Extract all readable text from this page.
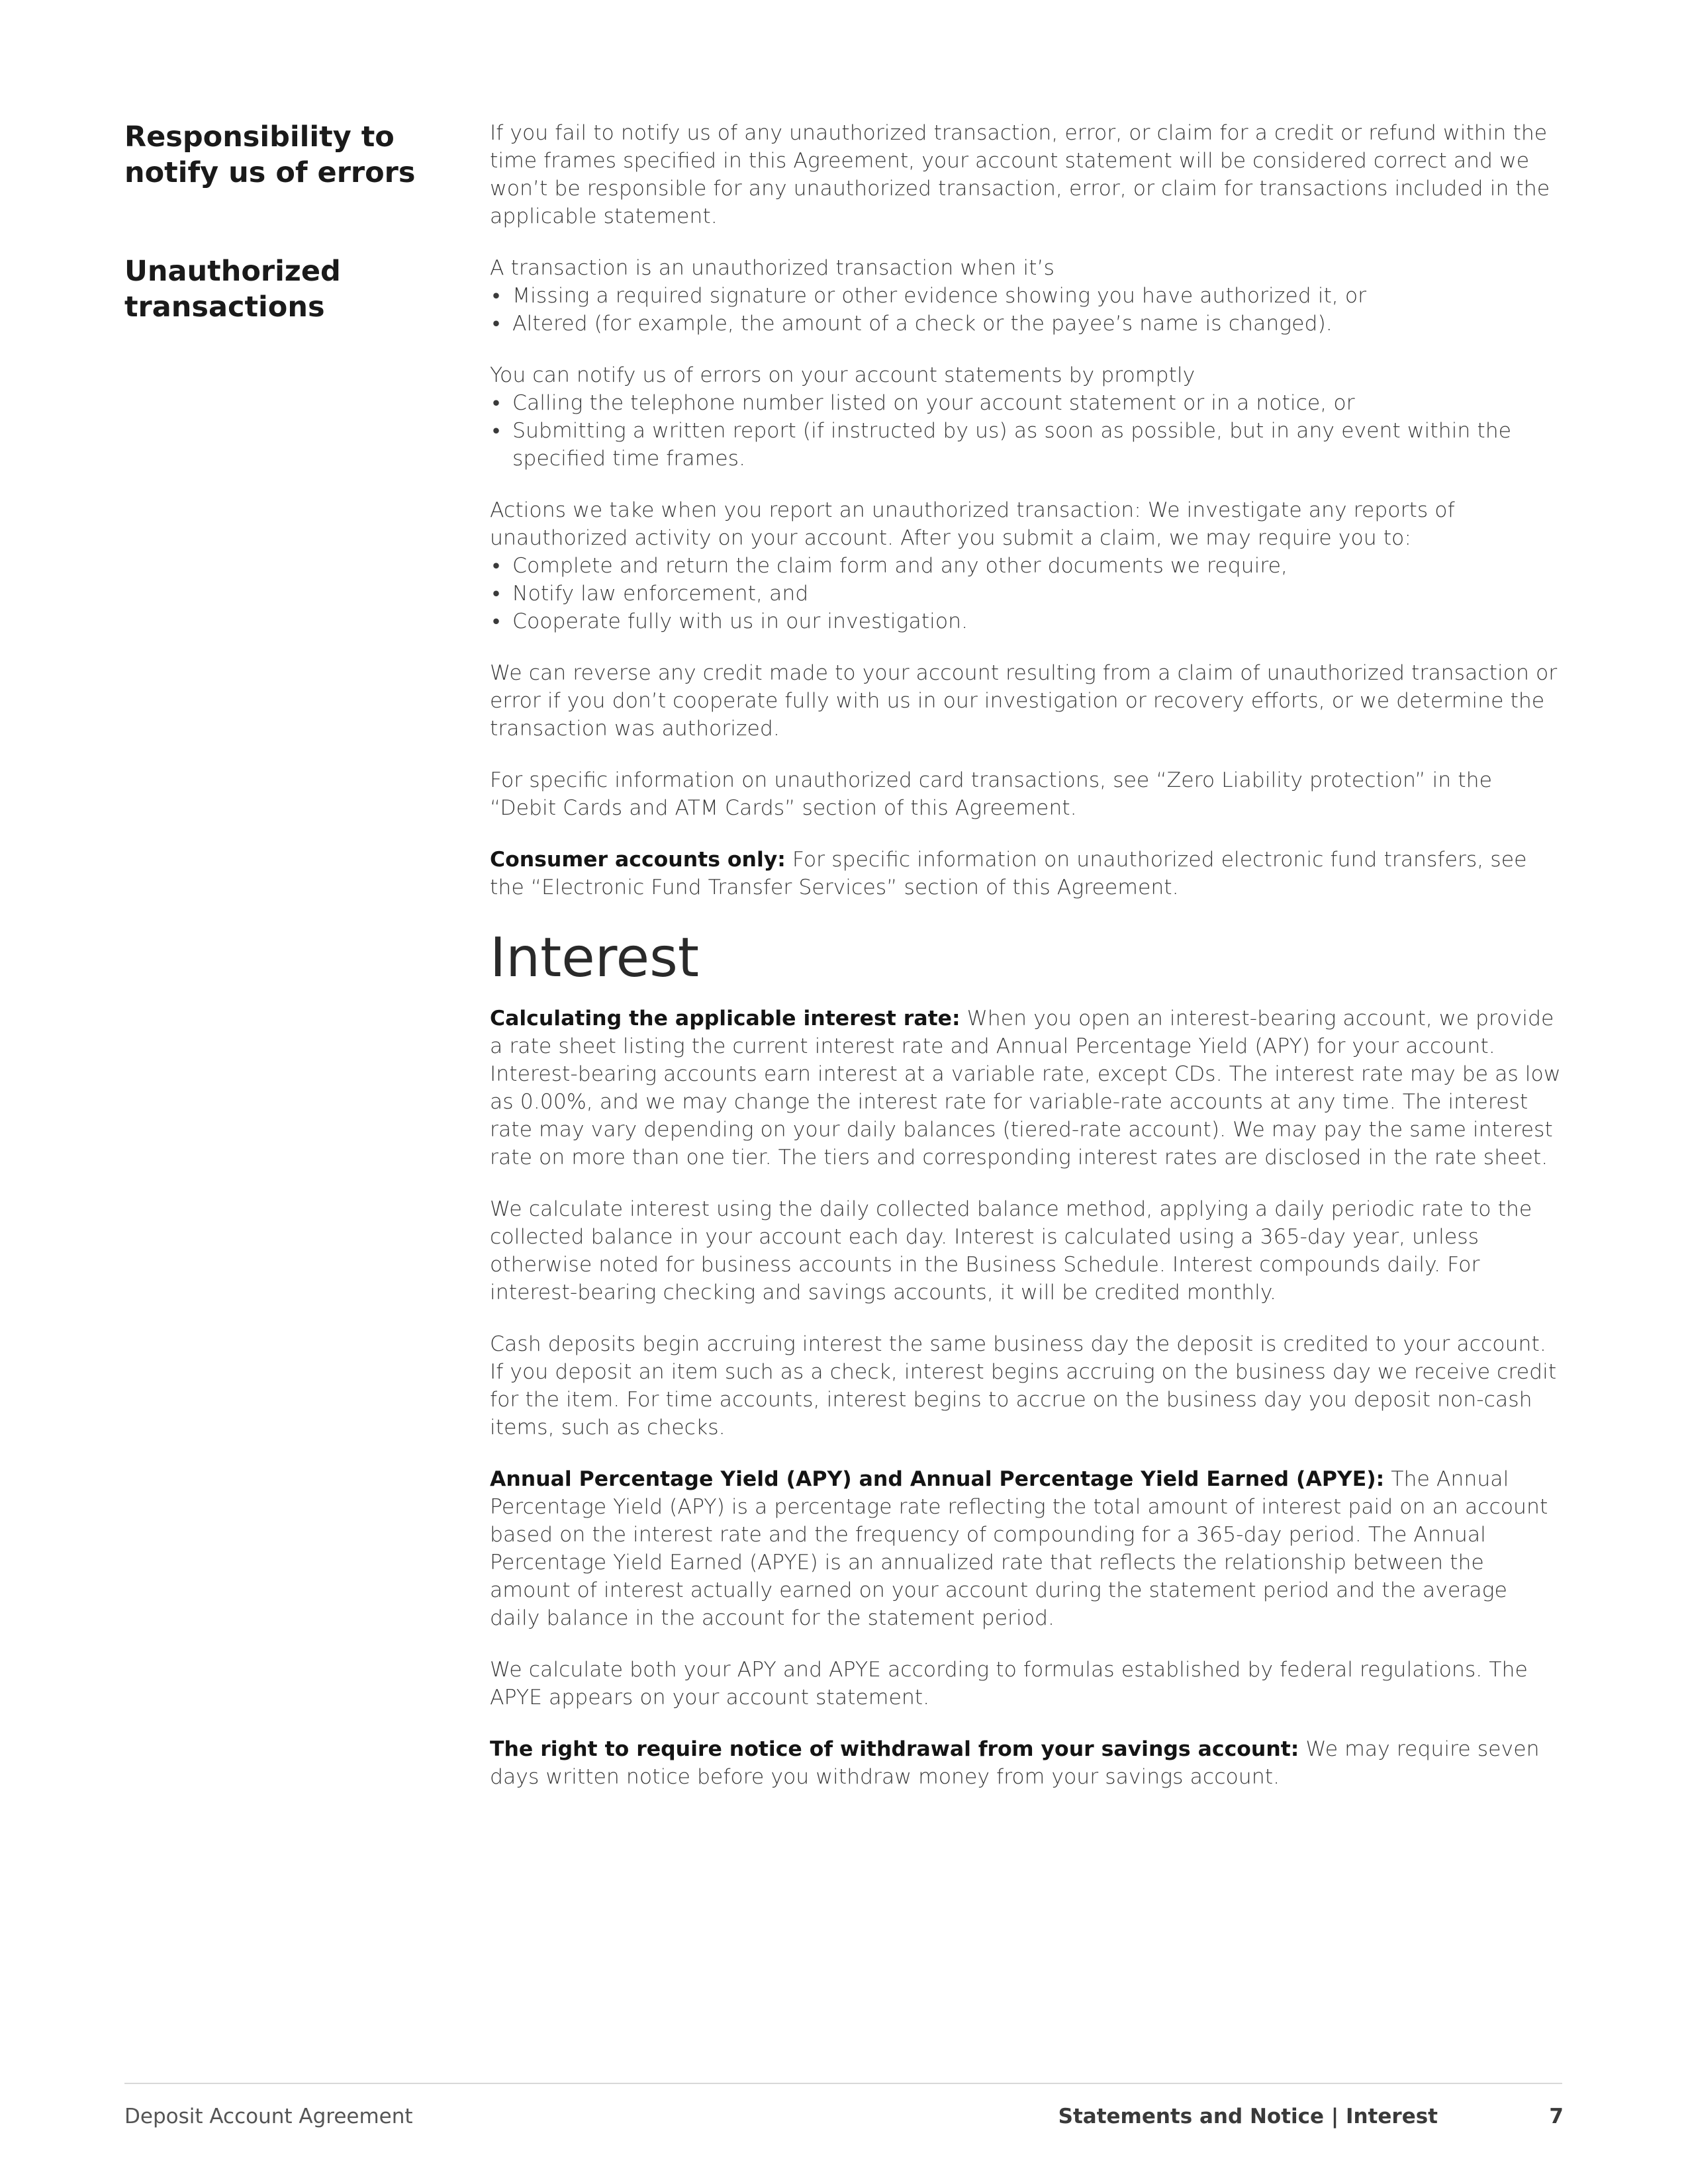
Responsibility to notify us of errors
Unauthorized transactions

If you fail to notify us of any unauthorized transaction, error, or claim for a credit or refund within the time frames specified in this Agreement, your account statement will be considered correct and we won’t be responsible for any unauthorized transaction, error, or claim for transactions included in the applicable statement.

A transaction is an unauthorized transaction when it’s

• Missing a required signature or other evidence showing you have authorized it, or
• Altered (for example, the amount of a check or the payee’s name is changed).

You can notify us of errors on your account statements by promptly

• Calling the telephone number listed on your account statement or in a notice, or
• Submitting a written report (if instructed by us) as soon as possible, but in any event within the specified time frames.

Actions we take when you report an unauthorized transaction: We investigate any reports of unauthorized activity on your account. After you submit a claim, we may require you to:

• Complete and return the claim form and any other documents we require,
• Notify law enforcement, and
• Cooperate fully with us in our investigation.

We can reverse any credit made to your account resulting from a claim of unauthorized transaction or error if you don’t cooperate fully with us in our investigation or recovery efforts, or we determine the transaction was authorized.

For specific information on unauthorized card transactions, see “Zero Liability protection” in the “Debit Cards and ATM Cards” section of this Agreement.

Consumer accounts only: For specific information on unauthorized electronic fund transfers, see the “Electronic Fund Transfer Services” section of this Agreement.

Interest

Calculating the applicable interest rate: When you open an interest-bearing account, we provide a rate sheet listing the current interest rate and Annual Percentage Yield (APY) for your account. Interest-bearing accounts earn interest at a variable rate, except CDs. The interest rate may be as low as 0.00%, and we may change the interest rate for variable-rate accounts at any time. The interest rate may vary depending on your daily balances (tiered-rate account). We may pay the same interest rate on more than one tier. The tiers and corresponding interest rates are disclosed in the rate sheet.

We calculate interest using the daily collected balance method, applying a daily periodic rate to the collected balance in your account each day. Interest is calculated using a 365-day year, unless otherwise noted for business accounts in the Business Schedule. Interest compounds daily. For interest-bearing checking and savings accounts, it will be credited monthly.

Cash deposits begin accruing interest the same business day the deposit is credited to your account. If you deposit an item such as a check, interest begins accruing on the business day we receive credit for the item. For time accounts, interest begins to accrue on the business day you deposit non-cash items, such as checks.

Annual Percentage Yield (APY) and Annual Percentage Yield Earned (APYE): The Annual Percentage Yield (APY) is a percentage rate reflecting the total amount of interest paid on an account based on the interest rate and the frequency of compounding for a 365-day period. The Annual Percentage Yield Earned (APYE) is an annualized rate that reflects the relationship between the amount of interest actually earned on your account during the statement period and the average daily balance in the account for the statement period.

We calculate both your APY and APYE according to formulas established by federal regulations. The APYE appears on your account statement.

The right to require notice of withdrawal from your savings account: We may require seven days written notice before you withdraw money from your savings account.

Deposit Account Agreement	Statements and Notice | Interest	7
